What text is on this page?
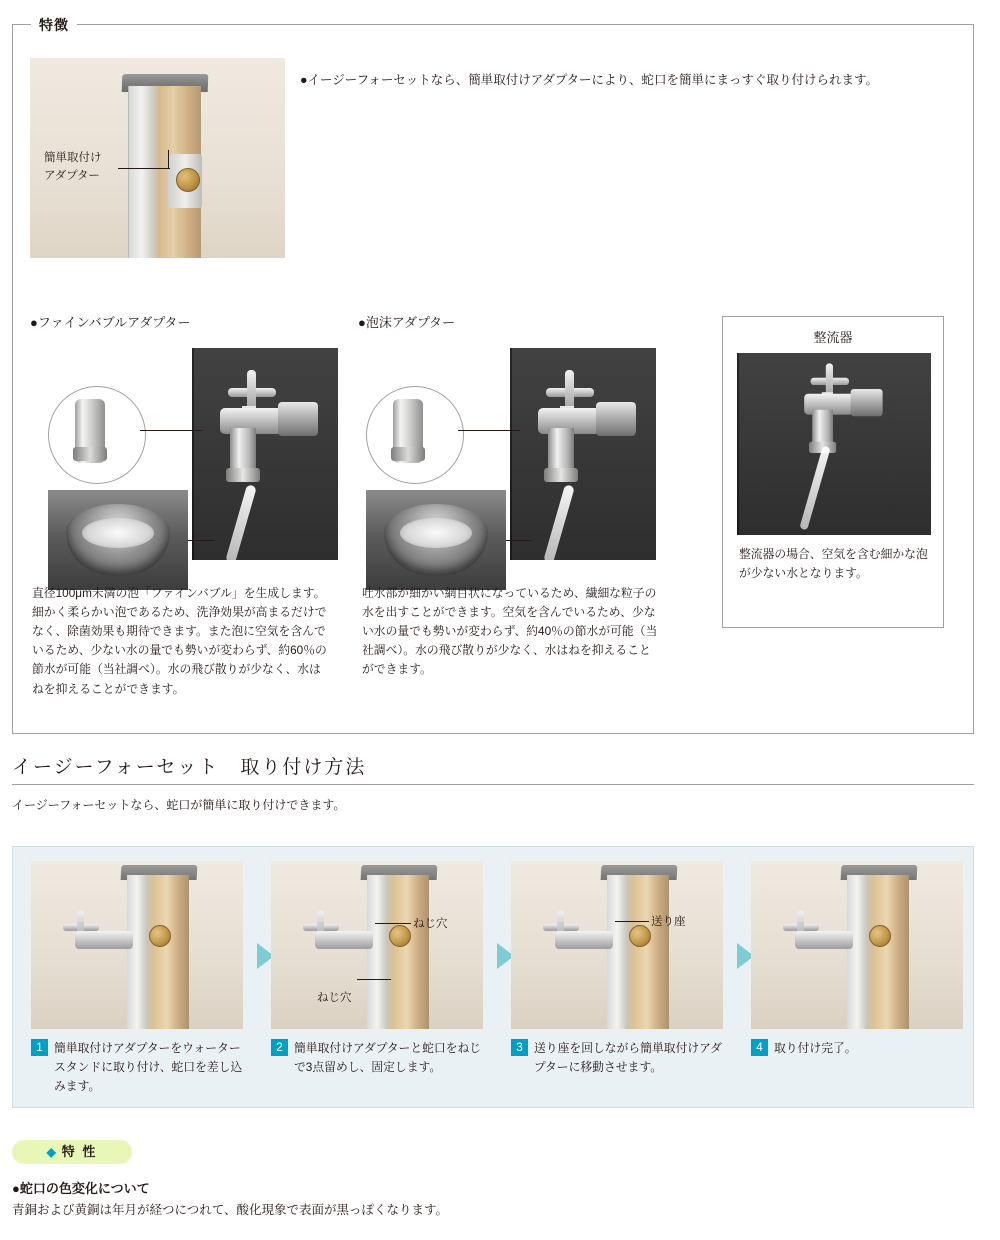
特徴
●イージーフォーセットなら、簡単取付けアダプターにより、蛇口を簡単にまっすぐ取り付けられます。
簡単取付け
アダプター
●ファインバブルアダプター
直径100μm未満の泡「ファインバブル」を生成します。細かく柔らかい泡であるため、洗浄効果が高まるだけでなく、除菌効果も期待できます。また泡に空気を含んでいるため、少ない水の量でも勢いが変わらず、約60％の節水が可能（当社調べ）。水の飛び散りが少なく、水はねを抑えることができます。
●泡沫アダプター
吐水部が細かい網目状になっているため、繊細な粒子の水を出すことができます。空気を含んでいるため、少ない水の量でも勢いが変わらず、約40％の節水が可能（当社調べ）。水の飛び散りが少なく、水はねを抑えることができます。
整流器
整流器の場合、空気を含む細かな泡が少ない水となります。
イージーフォーセット　取り付け方法
イージーフォーセットなら、蛇口が簡単に取り付けできます。
1 簡単取付けアダプターをウォータースタンドに取り付け、蛇口を差し込みます。
ねじ穴
ねじ穴
2 簡単取付けアダプターと蛇口をねじで3点留めし、固定します。
送り座
3 送り座を回しながら簡単取付けアダプターに移動させます。
4 取り付け完了。
◆ 特 性
●蛇口の色変化について
青銅および黄銅は年月が経つにつれて、酸化現象で表面が黒っぽくなります。
